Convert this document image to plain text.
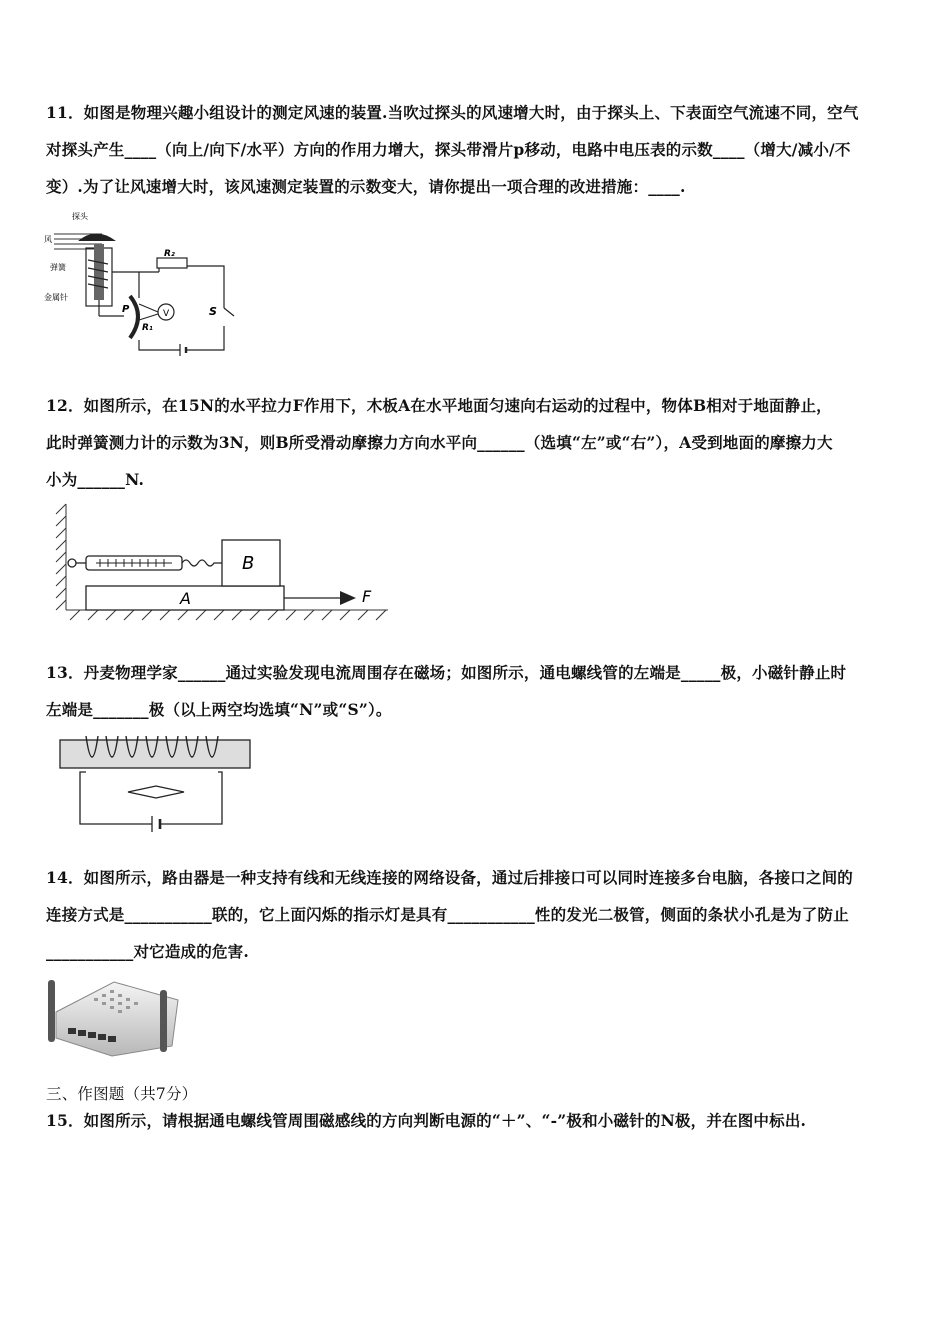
11．如图是物理兴趣小组设计的测定风速的装置.当吹过探头的风速增大时，由于探头上、下表面空气流速不同，空气
对探头产生____（向上/向下/水平）方向的作用力增大，探头带滑片p移动，电路中电压表的示数____（增大/减小/不
变）.为了让风速增大时，该风速测定装置的示数变大，请你提出一项合理的改进措施：____.
探头
风
弹簧
金属针
R₂
P
R₁
V	S
12．如图所示，在15N的水平拉力F作用下，木板A在水平地面匀速向右运动的过程中，物体B相对于地面静止，
此时弹簧测力计的示数为3N，则B所受滑动摩擦力方向水平向______（选填“左”或“右”），A受到地面的摩擦力大
小为______N.
A
B
F
13．丹麦物理学家______通过实验发现电流周围存在磁场；如图所示，通电螺线管的左端是_____极，小磁针静止时
左端是_______极（以上两空均选填“N”或“S”）。
14．如图所示，路由器是一种支持有线和无线连接的网络设备，通过后排接口可以同时连接多台电脑，各接口之间的
连接方式是___________联的，它上面闪烁的指示灯是具有___________性的发光二极管，侧面的条状小孔是为了防止
___________对它造成的危害.
三、作图题（共7分）
15．如图所示，请根据通电螺线管周围磁感线的方向判断电源的“＋”、“-”极和小磁针的N极，并在图中标出.
